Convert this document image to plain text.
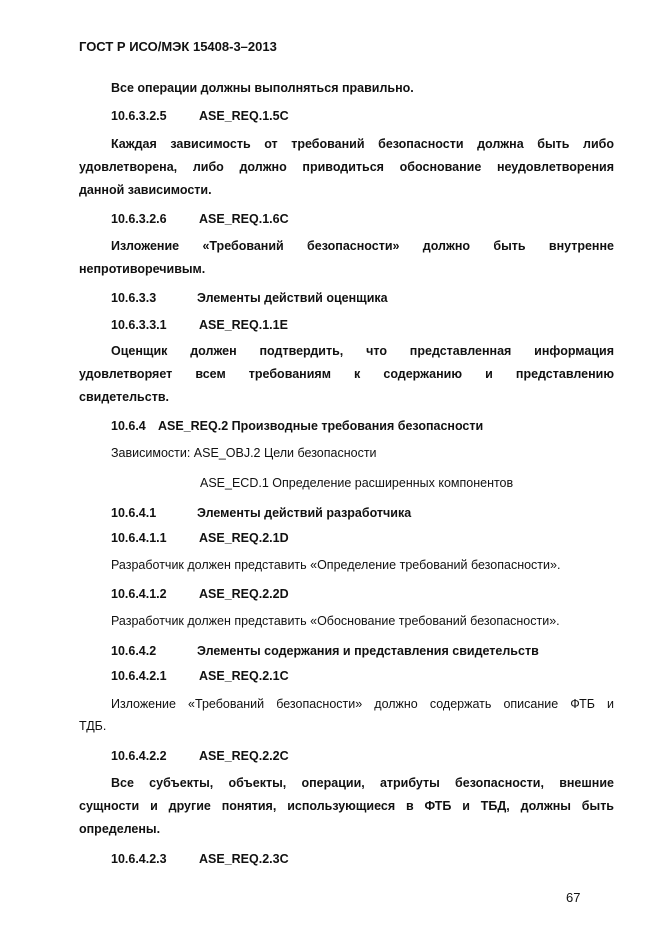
ГОСТ Р ИСО/МЭК 15408-3–2013
Все операции должны выполняться правильно.
10.6.3.2.5	ASE_REQ.1.5C
Каждая зависимость от требований безопасности должна быть либо
удовлетворена, либо должно приводиться обоснование неудовлетворения
данной зависимости.
10.6.3.2.6	ASE_REQ.1.6C
Изложение «Требований безопасности» должно быть внутренне
непротиворечивым.
10.6.3.3	Элементы действий оценщика
10.6.3.3.1	ASE_REQ.1.1E
Оценщик должен подтвердить, что представленная информация
удовлетворяет всем требованиям к содержанию и представлению
свидетельств.
10.6.4 ASE_REQ.2 Производные требования безопасности
Зависимости: ASE_OBJ.2 Цели безопасности
ASE_ECD.1 Определение расширенных компонентов
10.6.4.1	Элементы действий разработчика
10.6.4.1.1	ASE_REQ.2.1D
Разработчик должен представить «Определение требований безопасности».
10.6.4.1.2	ASE_REQ.2.2D
Разработчик должен представить «Обоснование требований безопасности».
10.6.4.2	Элементы содержания и представления свидетельств
10.6.4.2.1	ASE_REQ.2.1C
Изложение «Требований безопасности» должно содержать описание ФТБ и
ТДБ.
10.6.4.2.2	ASE_REQ.2.2C
Все субъекты, объекты, операции, атрибуты безопасности, внешние
сущности и другие понятия, использующиеся в ФТБ и ТБД, должны быть
определены.
10.6.4.2.3	ASE_REQ.2.3C
67
